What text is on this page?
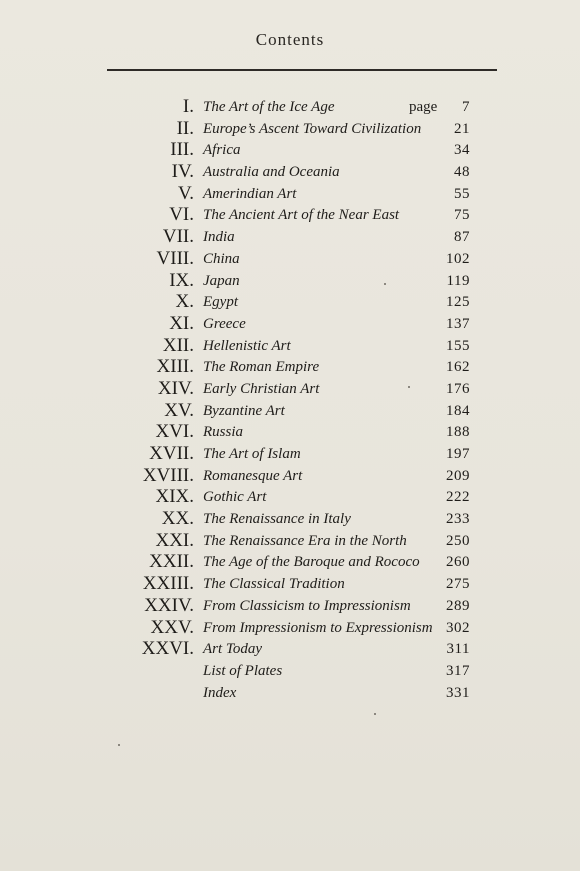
Contents
I. The Art of the Ice Age	page 7
II. Europe’s Ascent Toward Civilization 21
III. Africa	34
IV. Australia and Oceania	48
V. Amerindian Art	55
VI. The Ancient Art of the Near East	75
VII. India	87
VIII. China	102
IX. Japan	119
X. Egypt	125
XI. Greece	137
XII. Hellenistic Art	155
XIII. The Roman Empire	162
XIV. Early Christian Art	176
XV. Byzantine Art	184
XVI. Russia	188
XVII. The Art of Islam	197
XVIII. Romanesque Art	209
XIX. Gothic Art	222
XX. The Renaissance in Italy	233
XXI. The Renaissance Era in the North	250
XXII. The Age of the Baroque and Rococo 260
XXIII. The Classical Tradition	275
XXIV. From Classicism to Impressionism 289
XXV. From Impressionism to Expressionism 302
XXVI. Art Today	311
List of Plates	317
Index	331
